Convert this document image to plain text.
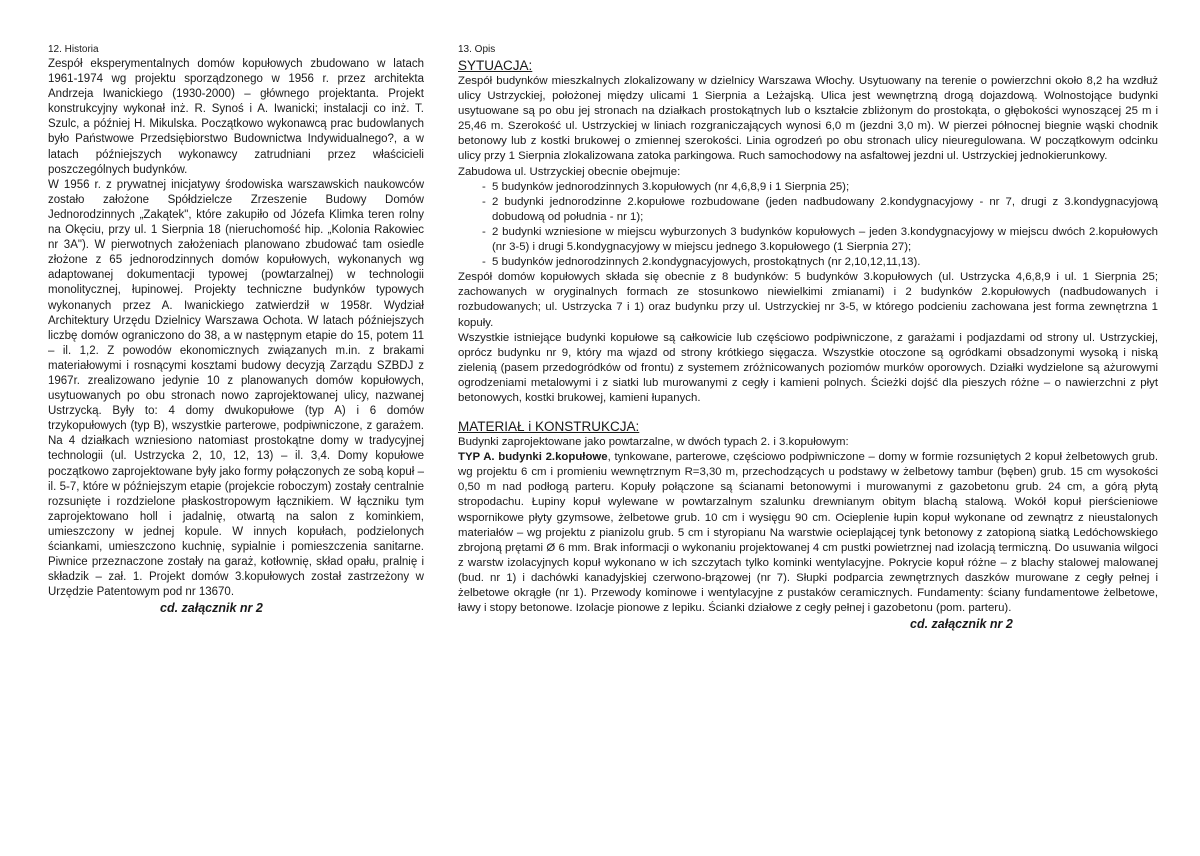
12. Historia

Zespół eksperymentalnych domów kopułowych zbudowano w latach 1961-1974 wg projektu sporządzonego w 1956 r. przez architekta Andrzeja Iwanickiego (1930-2000) – głównego projektanta. Projekt konstrukcyjny wykonał inż. R. Synoś i A. Iwanicki; instalacji co inż. T. Szulc, a później H. Mikulska. Początkowo wykonawcą prac budowlanych było Państwowe Przedsiębiorstwo Budownictwa Indywidualnego?, a w latach późniejszych wykonawcy zatrudniani przez właścicieli poszczególnych budynków.

W 1956 r. z prywatnej inicjatywy środowiska warszawskich naukowców zostało założone Spółdzielcze Zrzeszenie Budowy Domów Jednorodzinnych „Zakątek", które zakupiło od Józefa Klimka teren rolny na Okęciu, przy ul. 1 Sierpnia 18 (nieruchomość hip. „Kolonia Rakowiec nr 3A"). W pierwotnych założeniach planowano zbudować tam osiedle złożone z 65 jednorodzinnych domów kopułowych, wykonanych wg adaptowanej dokumentacji typowej (powtarzalnej) w technologii monolitycznej, łupinowej. Projekty techniczne budynków typowych wykonanych przez A. Iwanickiego zatwierdził w 1958r. Wydział Architektury Urzędu Dzielnicy Warszawa Ochota. W latach późniejszych liczbę domów ograniczono do 38, a w następnym etapie do 15, potem 11 – il. 1,2. Z powodów ekonomicznych związanych m.in. z brakami materiałowymi i rosnącymi kosztami budowy decyzją Zarządu SZBDJ z 1967r. zrealizowano jedynie 10 z planowanych domów kopułowych, usytuowanych po obu stronach nowo zaprojektowanej ulicy, nazwanej Ustrzycką. Były to: 4 domy dwukopułowe (typ A) i 6 domów trzykopułowych (typ B), wszystkie parterowe, podpiwniczone, z garażem. Na 4 działkach wzniesiono natomiast prostokątne domy w tradycyjnej technologii (ul. Ustrzycka 2, 10, 12, 13) – il. 3,4. Domy kopułowe początkowo zaprojektowane były jako formy połączonych ze sobą kopuł – il. 5-7, które w późniejszym etapie (projekcie roboczym) zostały centralnie rozsunięte i rozdzielone płaskostropowym łącznikiem. W łączniku tym zaprojektowano holl i jadalnię, otwartą na salon z kominkiem, umieszczony w jednej kopule. W innych kopułach, podzielonych ściankami, umieszczono kuchnię, sypialnie i pomieszczenia sanitarne. Piwnice przeznaczone zostały na garaż, kotłownię, skład opału, pralnię i składzik – zał. 1. Projekt domów 3.kopułowych został zastrzeżony w Urzędzie Patentowym pod nr 13670.

cd. załącznik nr 2

13. Opis

SYTUACJA:

Zespół budynków mieszkalnych zlokalizowany w dzielnicy Warszawa Włochy. Usytuowany na terenie o powierzchni około 8,2 ha wzdłuż ulicy Ustrzyckiej, położonej między ulicami 1 Sierpnia a Leżajską. Ulica jest wewnętrzną drogą dojazdową. Wolnostojące budynki usytuowane są po obu jej stronach na działkach prostokątnych lub o kształcie zbliżonym do prostokąta, o głębokości wynoszącej 25 m i 25,46 m. Szerokość ul. Ustrzyckiej w liniach rozgraniczających wynosi 6,0 m (jezdni 3,0 m). W pierzei północnej biegnie wąski chodnik betonowy lub z kostki brukowej o zmiennej szerokości. Linia ogrodzeń po obu stronach ulicy nieuregulowana. W początkowym odcinku ulicy przy 1 Sierpnia zlokalizowana zatoka parkingowa. Ruch samochodowy na asfaltowej jezdni ul. Ustrzyckiej jednokierunkowy.

Zabudowa ul. Ustrzyckiej obecnie obejmuje:

- 5 budynków jednorodzinnych 3.kopułowych (nr 4,6,8,9 i 1 Sierpnia 25);
- 2 budynki jednorodzinne 2.kopułowe rozbudowane (jeden nadbudowany 2.kondygnacyjowy - nr 7, drugi z 3.kondygnacyjową dobudową od południa - nr 1);
- 2 budynki wzniesione w miejscu wyburzonych 3 budynków kopułowych – jeden 3.kondygnacyjowy w miejscu dwóch 2.kopułowych (nr 3-5) i drugi 5.kondygnacyjowy w miejscu jednego 3.kopułowego (1 Sierpnia 27);
- 5 budynków jednorodzinnych 2.kondygnacyjowych, prostokątnych (nr 2,10,12,11,13).

Zespół domów kopułowych składa się obecnie z 8 budynków: 5 budynków 3.kopułowych (ul. Ustrzycka 4,6,8,9 i ul. 1 Sierpnia 25; zachowanych w oryginalnych formach ze stosunkowo niewielkimi zmianami) i 2 budynków 2.kopułowych (nadbudowanych i rozbudowanych; ul. Ustrzycka 7 i 1) oraz budynku przy ul. Ustrzyckiej nr 3-5, w którego podcieniu zachowana jest forma zewnętrzna 1 kopuły.

Wszystkie istniejące budynki kopułowe są całkowicie lub częściowo podpiwniczone, z garażami i podjazdami od strony ul. Ustrzyckiej, oprócz budynku nr 9, który ma wjazd od strony krótkiego sięgacza. Wszystkie otoczone są ogródkami obsadzonymi wysoką i niską zielenią (pasem przedogródków od frontu) z systemem zróżnicowanych poziomów murków oporowych. Działki wydzielone są ażurowymi ogrodzeniami metalowymi i z siatki lub murowanymi z cegły i kamieni polnych. Ścieżki dojść dla pieszych różne – o nawierzchni z płyt betonowych, kostki brukowej, kamieni łupanych.

MATERIAŁ i KONSTRUKCJA:

Budynki zaprojektowane jako powtarzalne, w dwóch typach 2. i 3.kopułowym:

TYP A. budynki 2.kopułowe, tynkowane, parterowe, częściowo podpiwniczone – domy w formie rozsuniętych 2 kopuł żelbetowych grub. wg projektu 6 cm i promieniu wewnętrznym R=3,30 m, przechodzących u podstawy w żelbetowy tambur (bęben) grub. 15 cm wysokości 0,50 m nad podłogą parteru. Kopuły połączone są ścianami betonowymi i murowanymi z gazobetonu grub. 24 cm, a górą płytą stropodachu. Łupiny kopuł wylewane w powtarzalnym szalunku drewnianym obitym blachą stalową. Wokół kopuł pierścieniowe wspornikowe płyty gzymsowe, żelbetowe grub. 10 cm i wysięgu 90 cm. Ocieplenie łupin kopuł wykonane od zewnątrz z nieustalonych materiałów – wg projektu z pianizolu grub. 5 cm i styropianu Na warstwie ocieplającej tynk betonowy z zatopioną siatką Ledóchowskiego zbrojoną prętami Ø 6 mm. Brak informacji o wykonaniu projektowanej 4 cm pustki powietrznej nad izolacją termiczną. Do usuwania wilgoci z warstw izolacyjnych kopuł wykonano w ich szczytach tylko kominki wentylacyjne. Pokrycie kopuł różne – z blachy stalowej malowanej (bud. nr 1) i dachówki kanadyjskiej czerwono-brązowej (nr 7). Słupki podparcia zewnętrznych daszków murowane z cegły pełnej i żelbetowe okrągłe (nr 1). Przewody kominowe i wentylacyjne z pustaków ceramicznych. Fundamenty: ściany fundamentowe żelbetowe, ławy i stopy betonowe. Izolacje pionowe z lepiku. Ścianki działowe z cegły pełnej i gazobetonu (pom. parteru).

cd. załącznik nr 2
